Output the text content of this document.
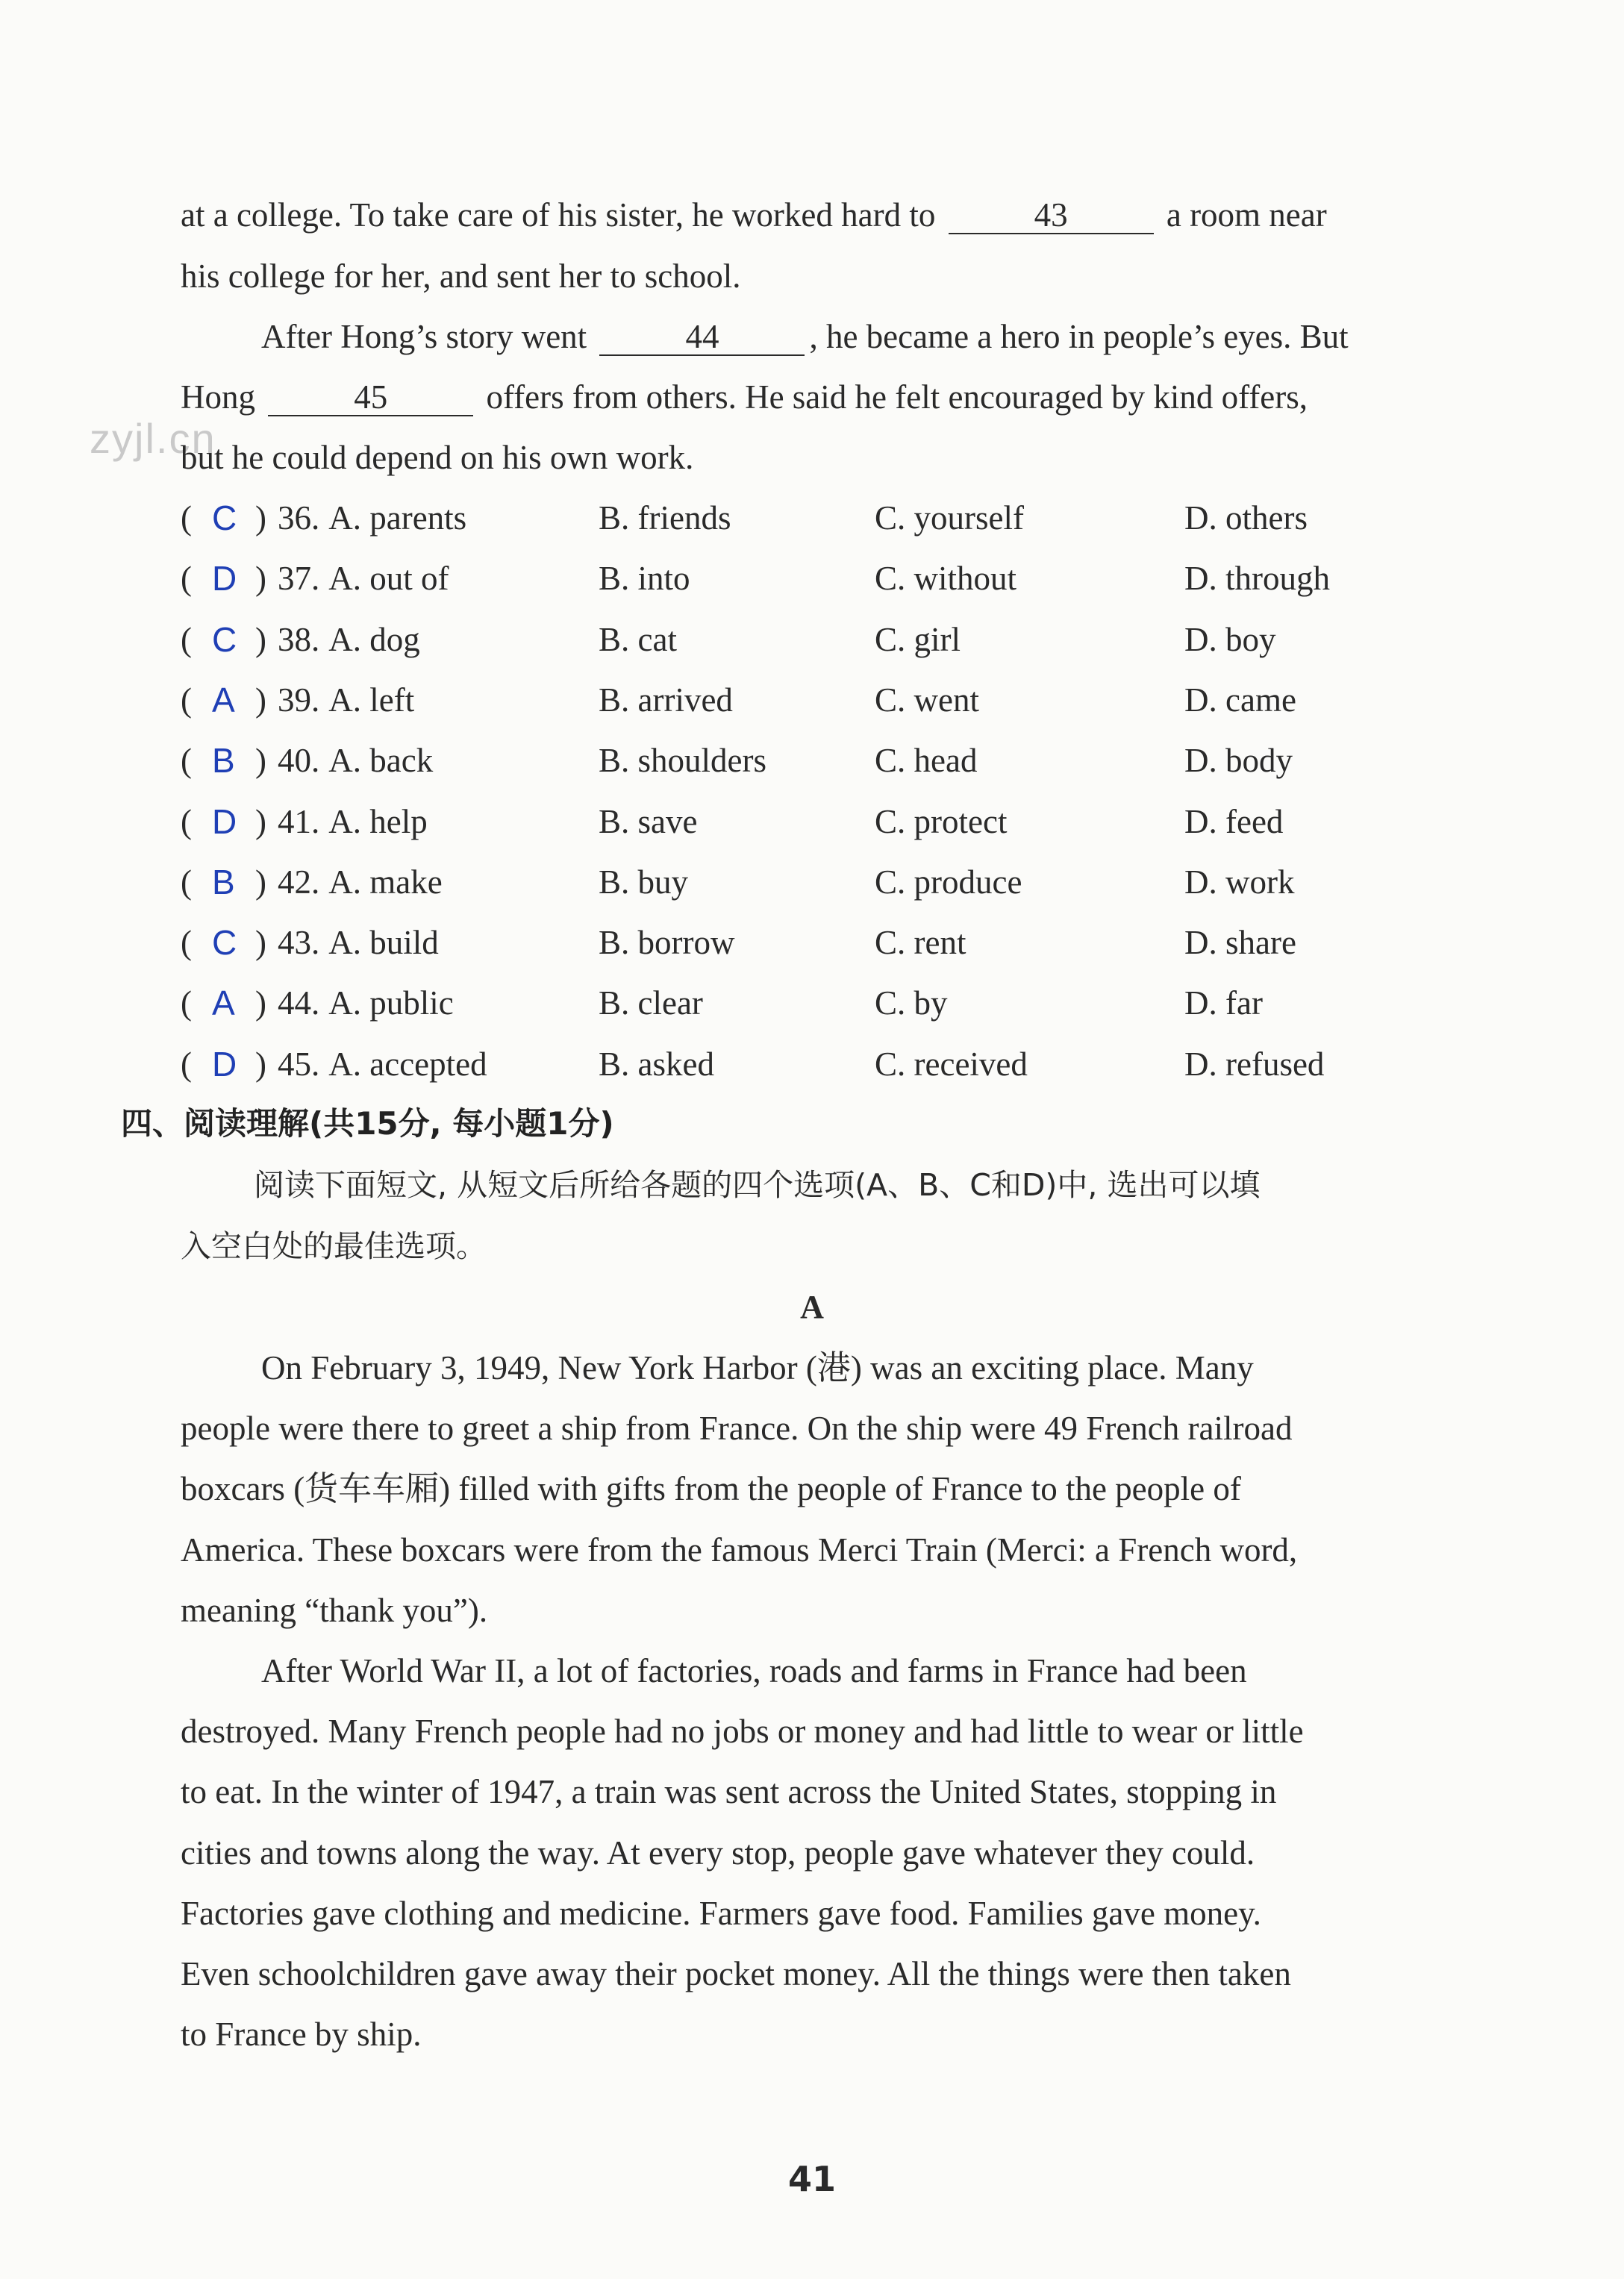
zyjl.cn
at a college. To take care of his sister, he worked hard to	43	a room near
his college for her, and sent her to school.
After Hong’s story went	44	, he became a hero in people’s eyes. But
Hong	45	offers from others. He said he felt encouraged by kind offers,
but he could depend on his own work.
( C ) 36. A. parents	B. friends	C. yourself	D. others
( D ) 37. A. out of	B. into	C. without	D. through
( C ) 38. A. dog	B. cat	C. girl	D. boy
( A ) 39. A. left	B. arrived	C. went	D. came
( B ) 40. A. back	B. shoulders	C. head	D. body
( D ) 41. A. help	B. save	C. protect	D. feed
( B ) 42. A. make	B. buy	C. produce	D. work
( C ) 43. A. build	B. borrow	C. rent	D. share
( A ) 44. A. public	B. clear	C. by	D. far
( D ) 45. A. accepted	B. asked	C. received	D. refused
四、阅读理解(共15分, 每小题1分)
阅读下面短文, 从短文后所给各题的四个选项(A、B、C和D)中, 选出可以填
入空白处的最佳选项。
A
On February 3, 1949, New York Harbor (港) was an exciting place. Many
people were there to greet a ship from France. On the ship were 49 French railroad
boxcars (货车车厢) filled with gifts from the people of France to the people of
America. These boxcars were from the famous Merci Train (Merci: a French word,
meaning “thank you”).
After World War II, a lot of factories, roads and farms in France had been
destroyed. Many French people had no jobs or money and had little to wear or little
to eat. In the winter of 1947, a train was sent across the United States, stopping in
cities and towns along the way. At every stop, people gave whatever they could.
Factories gave clothing and medicine. Farmers gave food. Families gave money.
Even schoolchildren gave away their pocket money. All the things were then taken
to France by ship.
41
